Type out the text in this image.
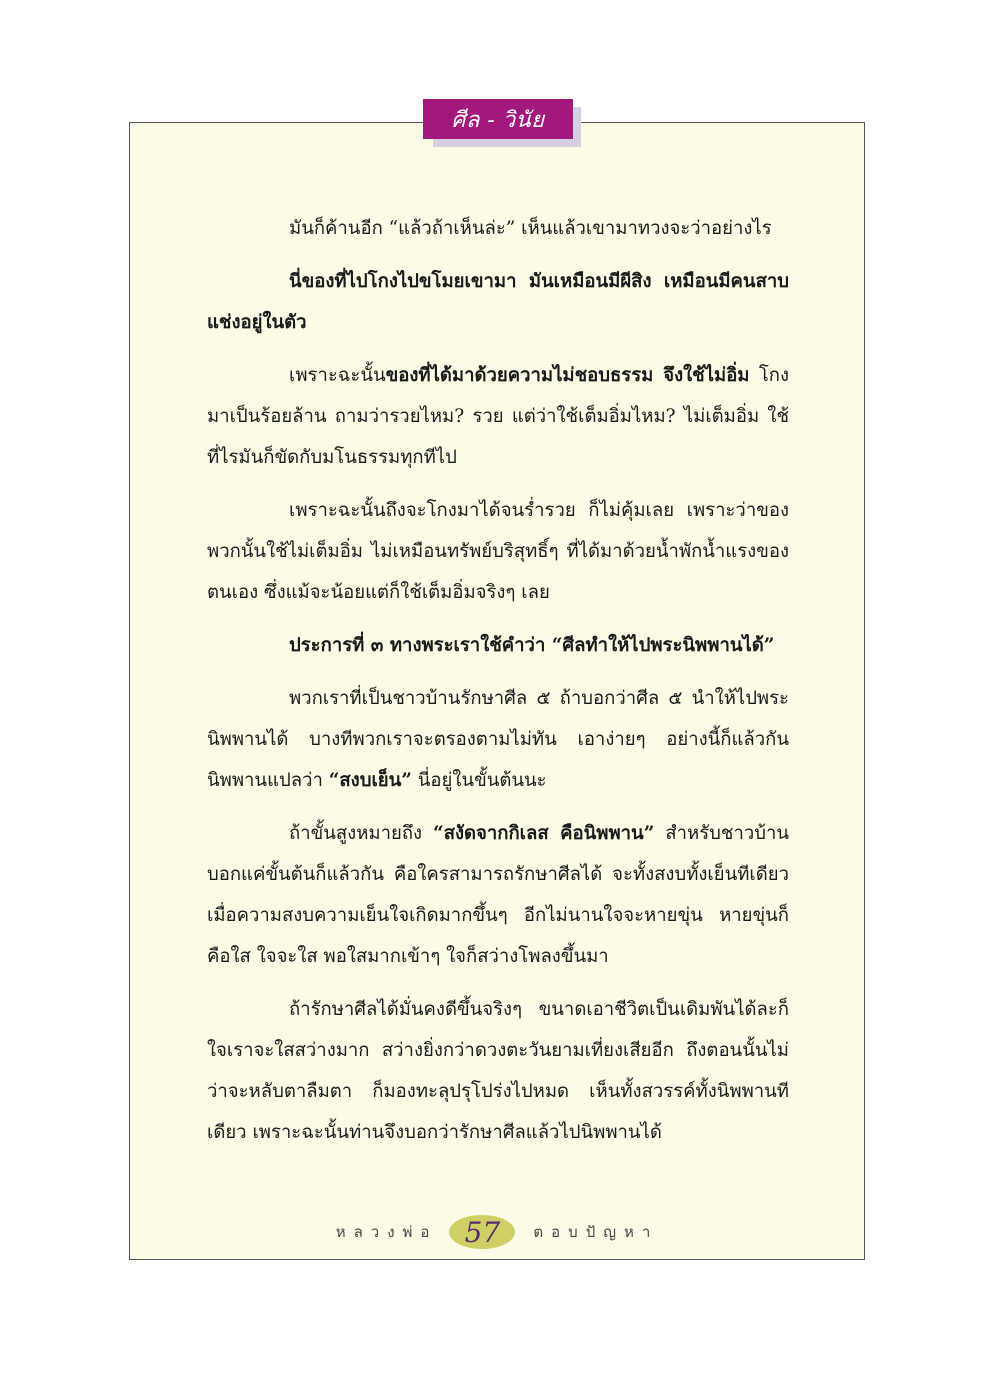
ศีล - วินัย

มันก็ค้านอีก “แล้วถ้าเห็นล่ะ” เห็นแล้วเขามาทวงจะว่าอย่างไร

นี่ของที่ไปโกงไปขโมยเขามา มันเหมือนมีผีสิง เหมือนมีคนสาบแช่งอยู่ในตัว

เพราะฉะนั้นของที่ได้มาด้วยความไม่ชอบธรรม จึงใช้ไม่อิ่ม โกงมาเป็นร้อยล้าน ถามว่ารวยไหม? รวย แต่ว่าใช้เต็มอิ่มไหม? ไม่เต็มอิ่ม ใช้ที่ไรมันก็ขัดกับมโนธรรมทุกทีไป

เพราะฉะนั้นถึงจะโกงมาได้จนร่ำรวย ก็ไม่คุ้มเลย เพราะว่าของพวกนั้นใช้ไม่เต็มอิ่ม ไม่เหมือนทรัพย์บริสุทธิ์ๆ ที่ได้มาด้วยน้ำพักน้ำแรงของตนเอง ซึ่งแม้จะน้อยแต่ก็ใช้เต็มอิ่มจริงๆ เลย

ประการที่ ๓ ทางพระเราใช้คำว่า “ศีลทำให้ไปพระนิพพานได้”

พวกเราที่เป็นชาวบ้านรักษาศีล ๕ ถ้าบอกว่าศีล ๕ นำให้ไปพระนิพพานได้ บางทีพวกเราจะตรองตามไม่ทัน เอาง่ายๆ อย่างนี้ก็แล้วกัน นิพพานแปลว่า “สงบเย็น” นี่อยู่ในขั้นต้นนะ

ถ้าขั้นสูงหมายถึง “สงัดจากกิเลส คือนิพพาน” สำหรับชาวบ้านบอกแค่ขั้นต้นก็แล้วกัน คือใครสามารถรักษาศีลได้ จะทั้งสงบทั้งเย็นทีเดียว เมื่อความสงบความเย็นใจเกิดมากขึ้นๆ อีกไม่นานใจจะหายขุ่น หายขุ่นก็คือใส ใจจะใส พอใสมากเข้าๆ ใจก็สว่างโพลงขึ้นมา

ถ้ารักษาศีลได้มั่นคงดีขึ้นจริงๆ ขนาดเอาชีวิตเป็นเดิมพันได้ละก็ ใจเราจะใสสว่างมาก สว่างยิ่งกว่าดวงตะวันยามเที่ยงเสียอีก ถึงตอนนั้นไม่ว่าจะหลับตาลืมตา ก็มองทะลุปรุโปร่งไปหมด เห็นทั้งสวรรค์ทั้งนิพพานทีเดียว เพราะฉะนั้นท่านจึงบอกว่ารักษาศีลแล้วไปนิพพานได้

หลวงพ่อ 57	ตอบปัญหา
